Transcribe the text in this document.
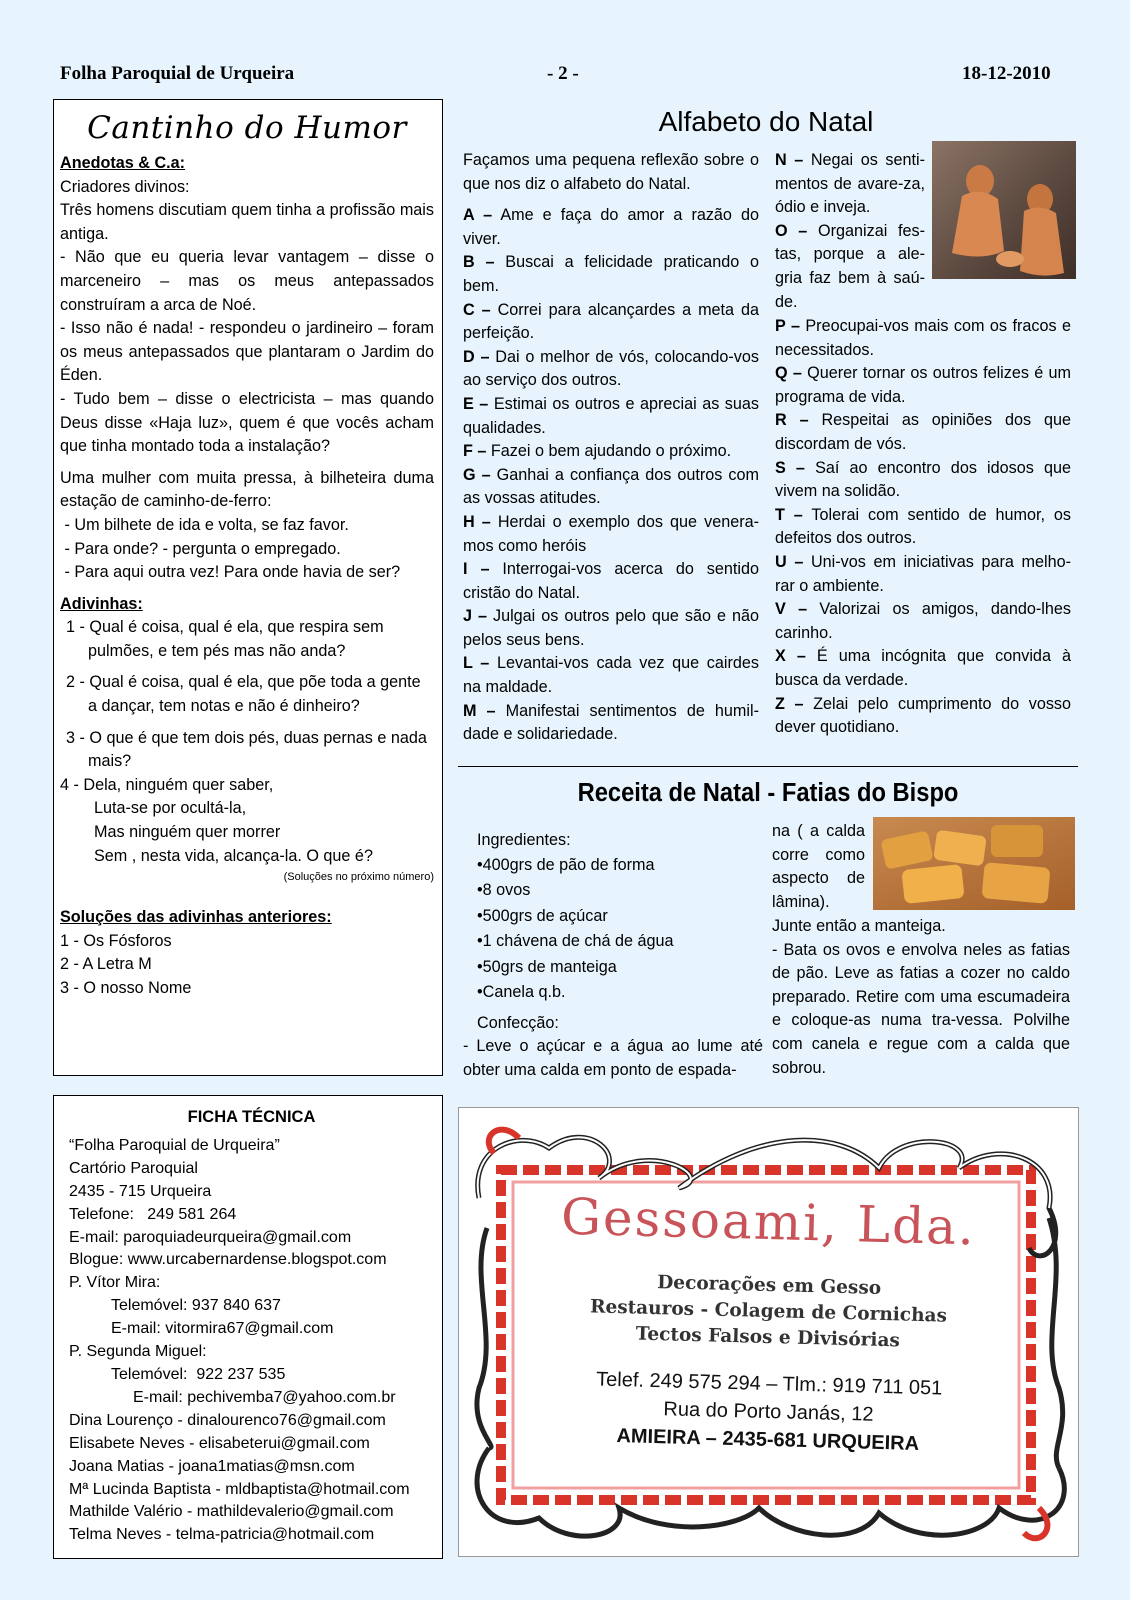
Folha Paroquial de Urqueira	- 2 -	18-12-2010
Cantinho do Humor

Anedotas & C.a:

Criadores divinos:

Três homens discutiam quem tinha a profissão mais antiga.

- Não que eu queria levar vantagem – disse o marceneiro – mas os meus antepassados construíram a arca de Noé.

- Isso não é nada! - respondeu o jardineiro – foram os meus antepassados que plantaram o Jardim do Éden.

- Tudo bem – disse o electricista – mas quando Deus disse «Haja luz», quem é que vocês acham que tinha montado toda a instalação?

Uma mulher com muita pressa, à bilheteira duma estação de caminho-de-ferro:

- Um bilhete de ida e volta, se faz favor.

- Para onde? - pergunta o empregado.

- Para aqui outra vez! Para onde havia de ser?

Adivinhas:

1 - Qual é coisa, qual é ela, que respira sem pulmões, e tem pés mas não anda?

2 - Qual é coisa, qual é ela, que põe toda a gente a dançar, tem notas e não é dinheiro?

3 - O que é que tem dois pés, duas pernas e nada mais?

4 - Dela, ninguém quer saber,

Luta-se por ocultá-la,

Mas ninguém quer morrer

Sem , nesta vida, alcança-la. O que é?

(Soluções no próximo número)

Soluções das adivinhas anteriores:

1 - Os Fósforos

2 - A Letra M

3 - O nosso Nome

FICHA TÉCNICA

“Folha Paroquial de Urqueira”

Cartório Paroquial

2435 - 715 Urqueira

Telefone:   249 581 264

E-mail: paroquiadeurqueira@gmail.com

Blogue: www.urcabernardense.blogspot.com

P. Vítor Mira:

Telemóvel: 937 840 637

E-mail: vitormira67@gmail.com

P. Segunda Miguel:

Telemóvel:  922 237 535

E-mail: pechivemba7@yahoo.com.br

Dina Lourenço - dinalourenco76@gmail.com

Elisabete Neves - elisabeterui@gmail.com

Joana Matias - joana1matias@msn.com

Mª Lucinda Baptista - mldbaptista@hotmail.com

Mathilde Valério - mathildevalerio@gmail.com

Telma Neves - telma-patricia@hotmail.com

Alfabeto do Natal

Façamos uma pequena reflexão sobre o que nos diz o alfabeto do Natal.

A – Ame e faça do amor a razão do viver.

B – Buscai a felicidade praticando o bem.

C – Correi para alcançardes a meta da perfeição.

D – Dai o melhor de vós, colocando-vos ao serviço dos outros.

E – Estimai os outros e apreciai as suas qualidades.

F – Fazei o bem ajudando o próximo.

G – Ganhai a confiança dos outros com as vossas atitudes.

H – Herdai o exemplo dos que venera-mos como heróis

I – Interrogai-vos acerca do sentido cristão do Natal.

J – Julgai os outros pelo que são e não pelos seus bens.

L – Levantai-vos cada vez que cairdes na maldade.

M – Manifestai sentimentos de humil-dade e solidariedade.

N – Negai os senti-mentos de avare-za, ódio e inveja.

O – Organizai fes-tas, porque a ale-gria faz bem à saú-de.

P – Preocupai-vos mais com os fracos e necessitados.

Q – Querer tornar os outros felizes é um programa de vida.

R – Respeitai as opiniões dos que discordam de vós.

S – Saí ao encontro dos idosos que vivem na solidão.

T – Tolerai com sentido de humor, os defeitos dos outros.

U – Uni-vos em iniciativas para melho-rar o ambiente.

V – Valorizai os amigos, dando-lhes carinho.

X – É uma incógnita que convida à busca da verdade.

Z – Zelai pelo cumprimento do vosso dever quotidiano.

Receita de Natal - Fatias do Bispo

Ingredientes:

•400grs de pão de forma

•8 ovos

•500grs de açúcar

•1 chávena de chá de água

•50grs de manteiga

•Canela q.b.

Confecção:

- Leve o açúcar e a água ao lume até obter uma calda em ponto de espada-

na ( a calda corre como aspecto de lâmina).

Junte então a manteiga.

- Bata os ovos e envolva neles as fatias de pão. Leve as fatias a cozer no caldo preparado. Retire com uma escumadeira e coloque-as numa tra-vessa. Polvilhe com canela e regue com a calda que sobrou.

Gessoami, Lda.
Decorações em Gesso
Restauros - Colagem de Cornichas
Tectos Falsos e Divisórias
Telef. 249 575 294 – Tlm.: 919 711 051
Rua do Porto Janás, 12
AMIEIRA – 2435-681 URQUEIRA
